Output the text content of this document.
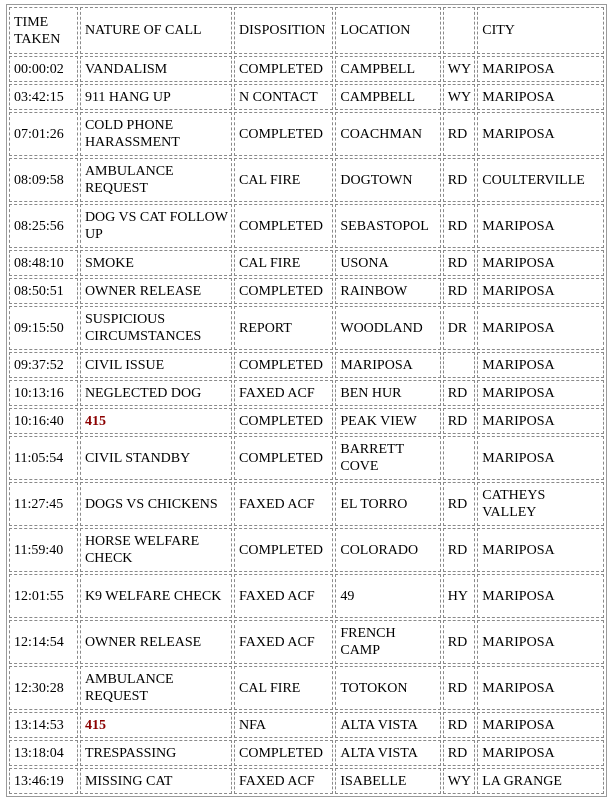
TIME TAKEN	NATURE OF CALL	DISPOSITION	LOCATION		CITY
00:00:02	VANDALISM	COMPLETED	CAMPBELL	WY	MARIPOSA
03:42:15	911 HANG UP	N CONTACT	CAMPBELL	WY	MARIPOSA
07:01:26	COLD PHONE HARASSMENT	COMPLETED	COACHMAN	RD	MARIPOSA
08:09:58	AMBULANCE REQUEST	CAL FIRE	DOGTOWN	RD	COULTERVILLE
08:25:56	DOG VS CAT FOLLOW UP	COMPLETED	SEBASTOPOL	RD	MARIPOSA
08:48:10	SMOKE	CAL FIRE	USONA	RD	MARIPOSA
08:50:51	OWNER RELEASE	COMPLETED	RAINBOW	RD	MARIPOSA
09:15:50	SUSPICIOUS CIRCUMSTANCES	REPORT	WOODLAND	DR	MARIPOSA
09:37:52	CIVIL ISSUE	COMPLETED	MARIPOSA		MARIPOSA
10:13:16	NEGLECTED DOG	FAXED ACF	BEN HUR	RD	MARIPOSA
10:16:40	415	COMPLETED	PEAK VIEW	RD	MARIPOSA
11:05:54	CIVIL STANDBY	COMPLETED	BARRETT COVE		MARIPOSA
11:27:45	DOGS VS CHICKENS	FAXED ACF	EL TORRO	RD	CATHEYS VALLEY
11:59:40	HORSE WELFARE CHECK	COMPLETED	COLORADO	RD	MARIPOSA
12:01:55	K9 WELFARE CHECK	FAXED ACF	49	HY	MARIPOSA
12:14:54	OWNER RELEASE	FAXED ACF	FRENCH CAMP	RD	MARIPOSA
12:30:28	AMBULANCE REQUEST	CAL FIRE	TOTOKON	RD	MARIPOSA
13:14:53	415	NFA	ALTA VISTA	RD	MARIPOSA
13:18:04	TRESPASSING	COMPLETED	ALTA VISTA	RD	MARIPOSA
13:46:19	MISSING CAT	FAXED ACF	ISABELLE	WY	LA GRANGE
